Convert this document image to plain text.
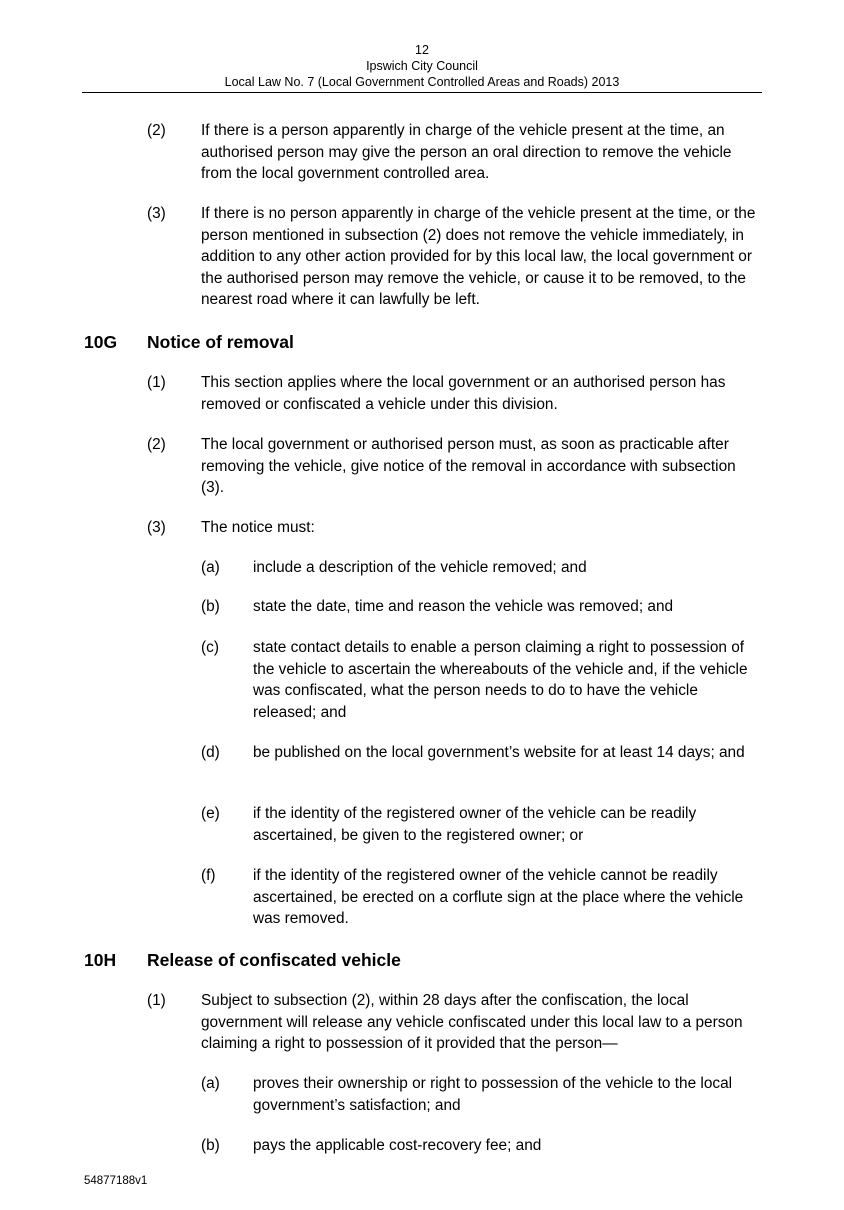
12
Ipswich City Council
Local Law No. 7 (Local Government Controlled Areas and Roads) 2013
(2) If there is a person apparently in charge of the vehicle present at the time, an authorised person may give the person an oral direction to remove the vehicle from the local government controlled area.
(3) If there is no person apparently in charge of the vehicle present at the time, or the person mentioned in subsection (2) does not remove the vehicle immediately, in addition to any other action provided for by this local law, the local government or the authorised person may remove the vehicle, or cause it to be removed, to the nearest road where it can lawfully be left.
10G Notice of removal
(1) This section applies where the local government or an authorised person has removed or confiscated a vehicle under this division.
(2) The local government or authorised person must, as soon as practicable after removing the vehicle, give notice of the removal in accordance with subsection (3).
(3) The notice must:
(a) include a description of the vehicle removed; and
(b) state the date, time and reason the vehicle was removed; and
(c) state contact details to enable a person claiming a right to possession of the vehicle to ascertain the whereabouts of the vehicle and, if the vehicle was confiscated, what the person needs to do to have the vehicle released; and
(d) be published on the local government’s website for at least 14 days; and
(e) if the identity of the registered owner of the vehicle can be readily ascertained, be given to the registered owner; or
(f) if the identity of the registered owner of the vehicle cannot be readily ascertained, be erected on a corflute sign at the place where the vehicle was removed.
10H Release of confiscated vehicle
(1) Subject to subsection (2), within 28 days after the confiscation, the local government will release any vehicle confiscated under this local law to a person claiming a right to possession of it provided that the person—
(a) proves their ownership or right to possession of the vehicle to the local government’s satisfaction; and
(b) pays the applicable cost-recovery fee; and
54877188v1
